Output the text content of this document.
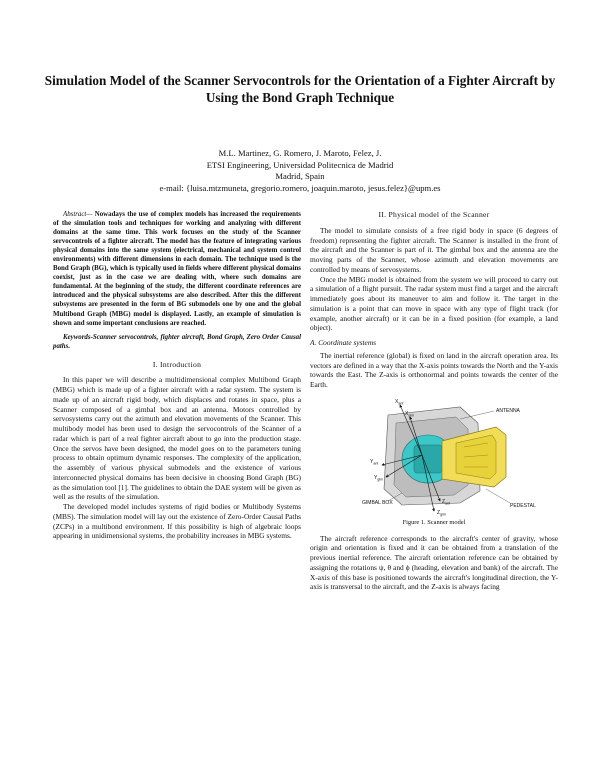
Simulation Model of the Scanner Servocontrols for the Orientation of a Fighter Aircraft by Using the Bond Graph Technique
M.L. Martinez, G. Romero, J. Maroto, Felez, J.
ETSI Engineering, Universidad Politecnica de Madrid
Madrid, Spain
e-mail: {luisa.mtzmuneta, gregorio.romero, joaquin.maroto, jesus.felez}@upm.es

Abstract— Nowadays the use of complex models has increased the requirements of the simulation tools and techniques for working and analyzing with different domains at the same time. This work focuses on the study of the Scanner servocontrols of a fighter aircraft. The model has the feature of integrating various physical domains into the same system (electrical, mechanical and system control environments) with different dimensions in each domain. The technique used is the Bond Graph (BG), which is typically used in fields where different physical domains coexist, just as in the case we are dealing with, where such domains are fundamental. At the beginning of the study, the different coordinate references are introduced and the physical subsystems are also described. After this the different subsystems are presented in the form of BG submodels one by one and the global Multibond Graph (MBG) model is displayed. Lastly, an example of simulation is shown and some important conclusions are reached.

Keywords-Scanner servocontrols, fighter aircraft, Bond Graph, Zero Order Causal paths.

I. Introduction

In this paper we will describe a multidimensional complex Multibond Graph (MBG) which is made up of a fighter aircraft with a radar system. The system is made up of an aircraft rigid body, which displaces and rotates in space, plus a Scanner composed of a gimbal box and an antenna. Motors controlled by servosystems carry out the azimuth and elevation movements of the Scanner. This multibody model has been used to design the servocontrols of the Scanner of a radar which is part of a real fighter aircraft about to go into the production stage. Once the servos have been designed, the model goes on to the parameters tuning process to obtain optimum dynamic responses. The complexity of the application, the assembly of various physical submodels and the existence of various interconnected physical domains has been decisive in choosing Bond Graph (BG) as the simulation tool [1]. The guidelines to obtain the DAE system will be given as well as the results of the simulation.

The developed model includes systems of rigid bodies or Multibody Systems (MBS). The simulation model will lay out the existence of Zero-Order Causal Paths (ZCPs) in a multibond environment. If this possibility is high of algebraic loops appearing in unidimensional systems, the probability increases in MBG systems.

II. Physical model of the Scanner

The model to simulate consists of a free rigid body in space (6 degrees of freedom) representing the fighter aircraft. The Scanner is installed in the front of the aircraft and the Scanner is part of it. The gimbal box and the antenna are the moving parts of the Scanner, whose azimuth and elevation movements are controlled by means of servosystems.

Once the MBG model is obtained from the system we will proceed to carry out a simulation of a flight pursuit. The radar system must find a target and the aircraft immediately goes about its maneuver to aim and follow it. The target in the simulation is a point that can move in space with any type of flight track (for example, another aircraft) or it can be in a fixed position (for example, a land object).

A. Coordinate systems

The inertial reference (global) is fixed on land in the aircraft operation area. Its vectors are defined in a way that the X-axis points towards the North and the Y-axis towards the East. The Z-axis is orthonormal and points towards the center of the Earth.

$X_{ant}$
$X_{gim}$
$Y_{ant}$
$Y_{gim}$
$Z_{ant}$
$Z_{gim}$
ANTENNA
GIMBAL BOX	PEDESTAL
Figure 1. Scanner model

The aircraft reference corresponds to the aircraft's center of gravity, whose origin and orientation is fixed and it can be obtained from a translation of the previous inertial reference. The aircraft orientation reference can be obtained by assigning the rotations ψ, θ and ϕ (heading, elevation and bank) of the aircraft. The X-axis of this base is positioned towards the aircraft's longitudinal direction, the Y-axis is transversal to the aircraft, and the Z-axis is always facing
